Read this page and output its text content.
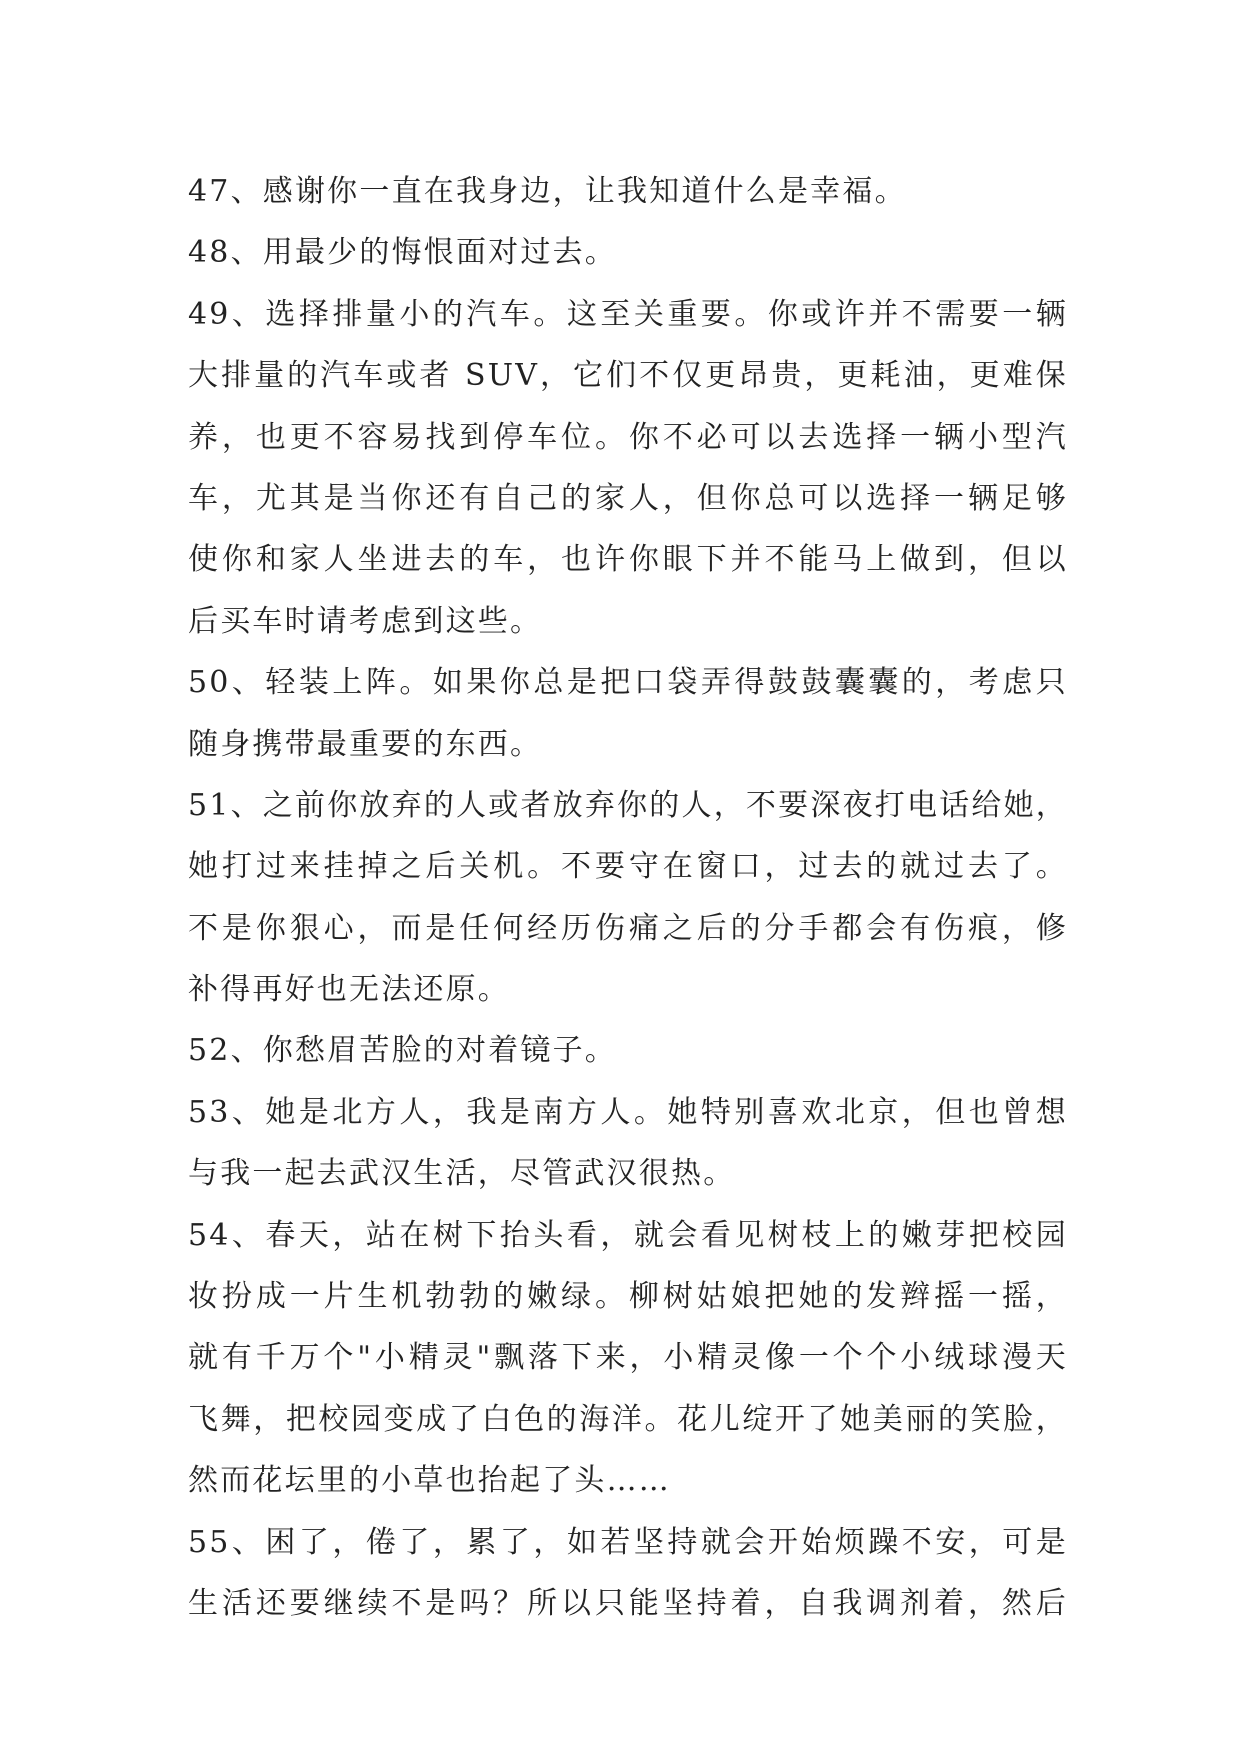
47、感谢你一直在我身边，让我知道什么是幸福。
48、用最少的悔恨面对过去。
49、选择排量小的汽车。这至关重要。你或许并不需要一辆
大排量的汽车或者 SUV，它们不仅更昂贵，更耗油，更难保
养，也更不容易找到停车位。你不必可以去选择一辆小型汽
车，尤其是当你还有自己的家人，但你总可以选择一辆足够
使你和家人坐进去的车，也许你眼下并不能马上做到，但以
后买车时请考虑到这些。
50、轻装上阵。如果你总是把口袋弄得鼓鼓囊囊的，考虑只
随身携带最重要的东西。
51、之前你放弃的人或者放弃你的人，不要深夜打电话给她，
她打过来挂掉之后关机。不要守在窗口，过去的就过去了。
不是你狠心，而是任何经历伤痛之后的分手都会有伤痕，修
补得再好也无法还原。
52、你愁眉苦脸的对着镜子。
53、她是北方人，我是南方人。她特别喜欢北京，但也曾想
与我一起去武汉生活，尽管武汉很热。
54、春天，站在树下抬头看，就会看见树枝上的嫩芽把校园
妆扮成一片生机勃勃的嫩绿。柳树姑娘把她的发辫摇一摇，
就有千万个"小精灵"飘落下来，小精灵像一个个小绒球漫天
飞舞，把校园变成了白色的海洋。花儿绽开了她美丽的笑脸，
然而花坛里的小草也抬起了头……
55、困了，倦了，累了，如若坚持就会开始烦躁不安，可是
生活还要继续不是吗？所以只能坚持着，自我调剂着，然后
